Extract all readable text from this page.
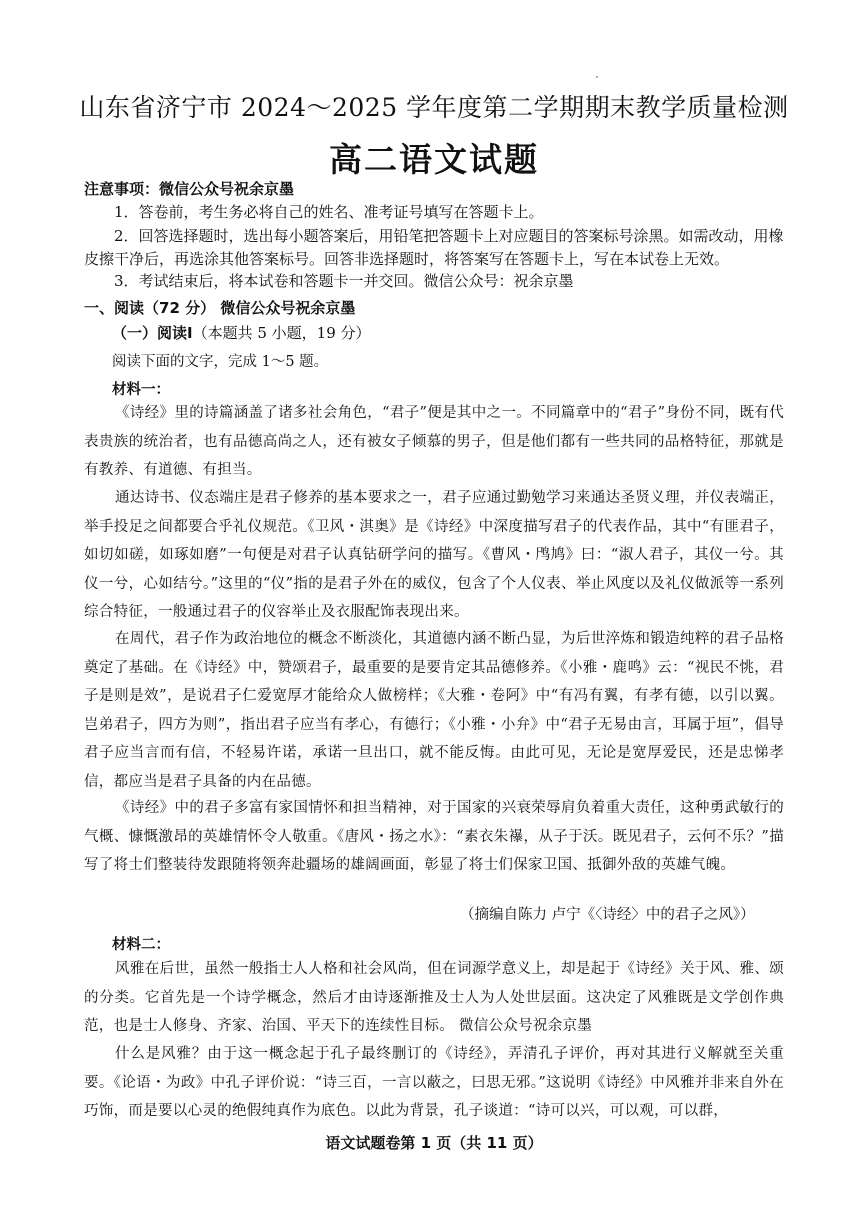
山东省济宁市 2024～2025 学年度第二学期期末教学质量检测
高二语文试题
注意事项：微信公众号祝余京墨
1．答卷前，考生务必将自己的姓名、准考证号填写在答题卡上。
2．回答选择题时，选出每小题答案后，用铅笔把答题卡上对应题目的答案标号涂黑。如需改动，用橡皮擦干净后，再选涂其他答案标号。回答非选择题时，将答案写在答题卡上，写在本试卷上无效。
3．考试结束后，将本试卷和答题卡一并交回。微信公众号：祝余京墨
一、阅读（72 分） 微信公众号祝余京墨
（一）阅读Ⅰ（本题共 5 小题，19 分）
阅读下面的文字，完成 1～5 题。
材料一：
《诗经》里的诗篇涵盖了诸多社会角色，“君子”便是其中之一。不同篇章中的“君子”身份不同，既有代表贵族的统治者，也有品德高尚之人，还有被女子倾慕的男子，但是他们都有一些共同的品格特征，那就是有教养、有道德、有担当。
通达诗书、仪态端庄是君子修养的基本要求之一，君子应通过勤勉学习来通达圣贤义理，并仪表端正，举手投足之间都要合乎礼仪规范。《卫风・淇奥》是《诗经》中深度描写君子的代表作品，其中“有匪君子，如切如磋，如琢如磨”一句便是对君子认真钻研学问的描写。《曹风・鸤鸠》曰：“淑人君子，其仪一兮。其仪一兮，心如结兮。”这里的“仪”指的是君子外在的威仪，包含了个人仪表、举止风度以及礼仪做派等一系列综合特征，一般通过君子的仪容举止及衣服配饰表现出来。
在周代，君子作为政治地位的概念不断淡化，其道德内涵不断凸显，为后世淬炼和锻造纯粹的君子品格奠定了基础。在《诗经》中，赞颂君子，最重要的是要肯定其品德修养。《小雅・鹿鸣》云：“视民不恌，君子是则是效”，是说君子仁爱宽厚才能给众人做榜样；《大雅・卷阿》中“有冯有翼，有孝有德，以引以翼。岂弟君子，四方为则”，指出君子应当有孝心，有德行；《小雅・小弁》中“君子无易由言，耳属于垣”，倡导君子应当言而有信，不轻易许诺，承诺一旦出口，就不能反悔。由此可见，无论是宽厚爱民，还是忠悌孝信，都应当是君子具备的内在品德。
《诗经》中的君子多富有家国情怀和担当精神，对于国家的兴衰荣辱肩负着重大责任，这种勇武敏行的气概、慷慨激昂的英雄情怀令人敬重。《唐风・扬之水》：“素衣朱襮，从子于沃。既见君子，云何不乐？”描写了将士们整装待发跟随将领奔赴疆场的雄阔画面，彰显了将士们保家卫国、抵御外敌的英雄气魄。
（摘编自陈力 卢宁《〈诗经〉中的君子之风》）
材料二：
风雅在后世，虽然一般指士人人格和社会风尚，但在词源学意义上，却是起于《诗经》关于风、雅、颂的分类。它首先是一个诗学概念，然后才由诗逐渐推及士人为人处世层面。这决定了风雅既是文学创作典范，也是士人修身、齐家、治国、平天下的连续性目标。 微信公众号祝余京墨
什么是风雅？由于这一概念起于孔子最终删订的《诗经》，弄清孔子评价，再对其进行义解就至关重要。《论语・为政》中孔子评价说：“诗三百，一言以蔽之，曰思无邪。”这说明《诗经》中风雅并非来自外在巧饰，而是要以心灵的绝假纯真作为底色。以此为背景，孔子谈道：“诗可以兴，可以观，可以群，
语文试题卷第 1 页（共 11 页）
